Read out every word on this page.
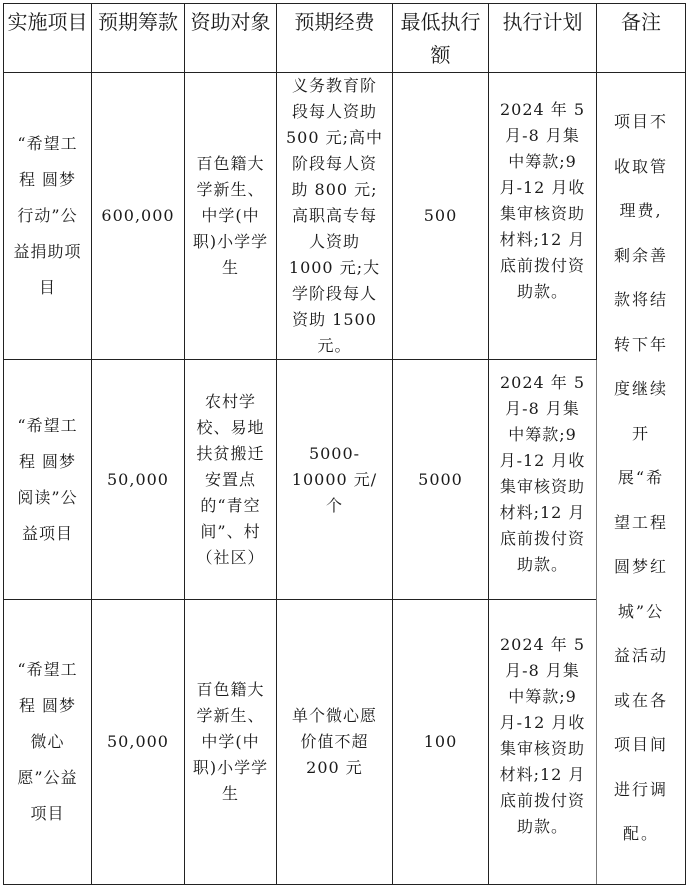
实施项目	预期筹款	资助对象	预期经费	最低执行额	执行计划	备注
“希望工程 圆梦行动”公益捐助项目	600,000	百色籍大学新生、中学(中职)小学学生	义务教育阶段每人资助 500 元;高中阶段每人资助 800 元;高职高专每人资助 1000 元;大学阶段每人资助 1500 元。	500	2024 年 5 月-8 月集中筹款;9 月-12 月收集审核资助材料;12 月底前拨付资助款。	项目不收取管理费,剩余善款将结转下年度继续开展“希望工程 圆梦红城”公益活动或在各项目间进行调配。
“希望工程 圆梦阅读”公益项目	50,000	农村学校、易地扶贫搬迁安置点的“青空间”、村（社区）	5000-10000 元/个	5000	2024 年 5 月-8 月集中筹款;9 月-12 月收集审核资助材料;12 月底前拨付资助款。	
“希望工程 圆梦微心愿”公益项目	50,000	百色籍大学新生、中学(中职)小学学生	单个微心愿价值不超 200 元	100	2024 年 5 月-8 月集中筹款;9 月-12 月收集审核资助材料;12 月底前拨付资助款。	
